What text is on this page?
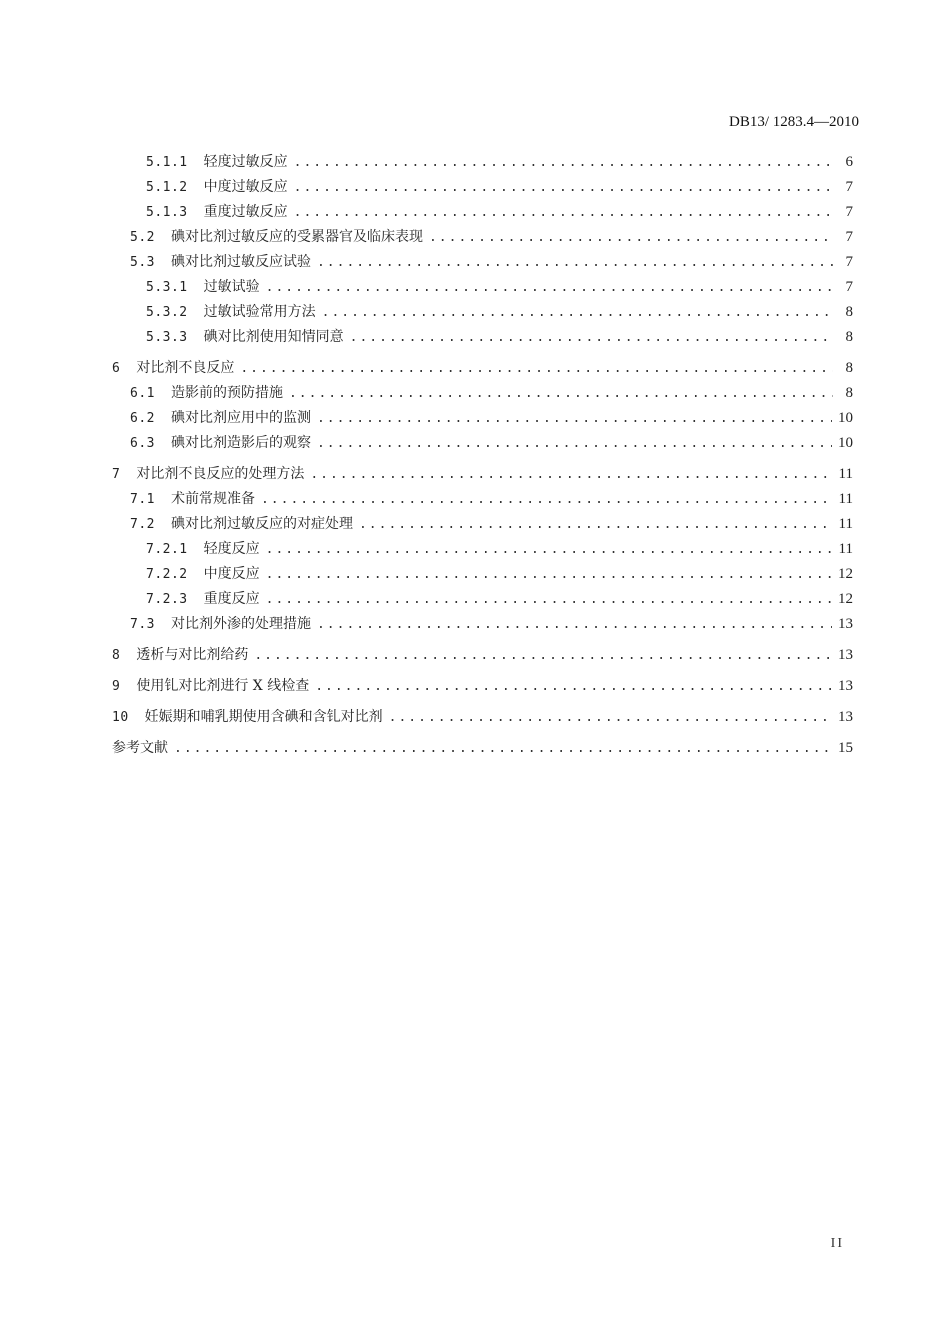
DB13/ 1283.4—2010
5.1.1 轻度过敏反应 .....	6
5.1.2 中度过敏反应 .....	7
5.1.3 重度过敏反应 .....	7
5.2 碘对比剂过敏反应的受累器官及临床表现 .....	7
5.3 碘对比剂过敏反应试验 .....	7
5.3.1 过敏试验 .....	7
5.3.2 过敏试验常用方法 .....	8
5.3.3 碘对比剂使用知情同意 .....	8
6 对比剂不良反应 .....	8
6.1 造影前的预防措施 .....	8
6.2 碘对比剂应用中的监测 .....	10
6.3 碘对比剂造影后的观察 .....	10
7 对比剂不良反应的处理方法 .....	11
7.1 术前常规准备 .....	11
7.2 碘对比剂过敏反应的对症处理 .....	11
7.2.1 轻度反应 .....	11
7.2.2 中度反应 .....	12
7.2.3 重度反应 .....	12
7.3 对比剂外渗的处理措施 .....	13
8 透析与对比剂给药 .....	13
9 使用钆对比剂进行 X 线检查 .....	13
10 妊娠期和哺乳期使用含碘和含钆对比剂 .....	13
参考文献 .....	15
II
